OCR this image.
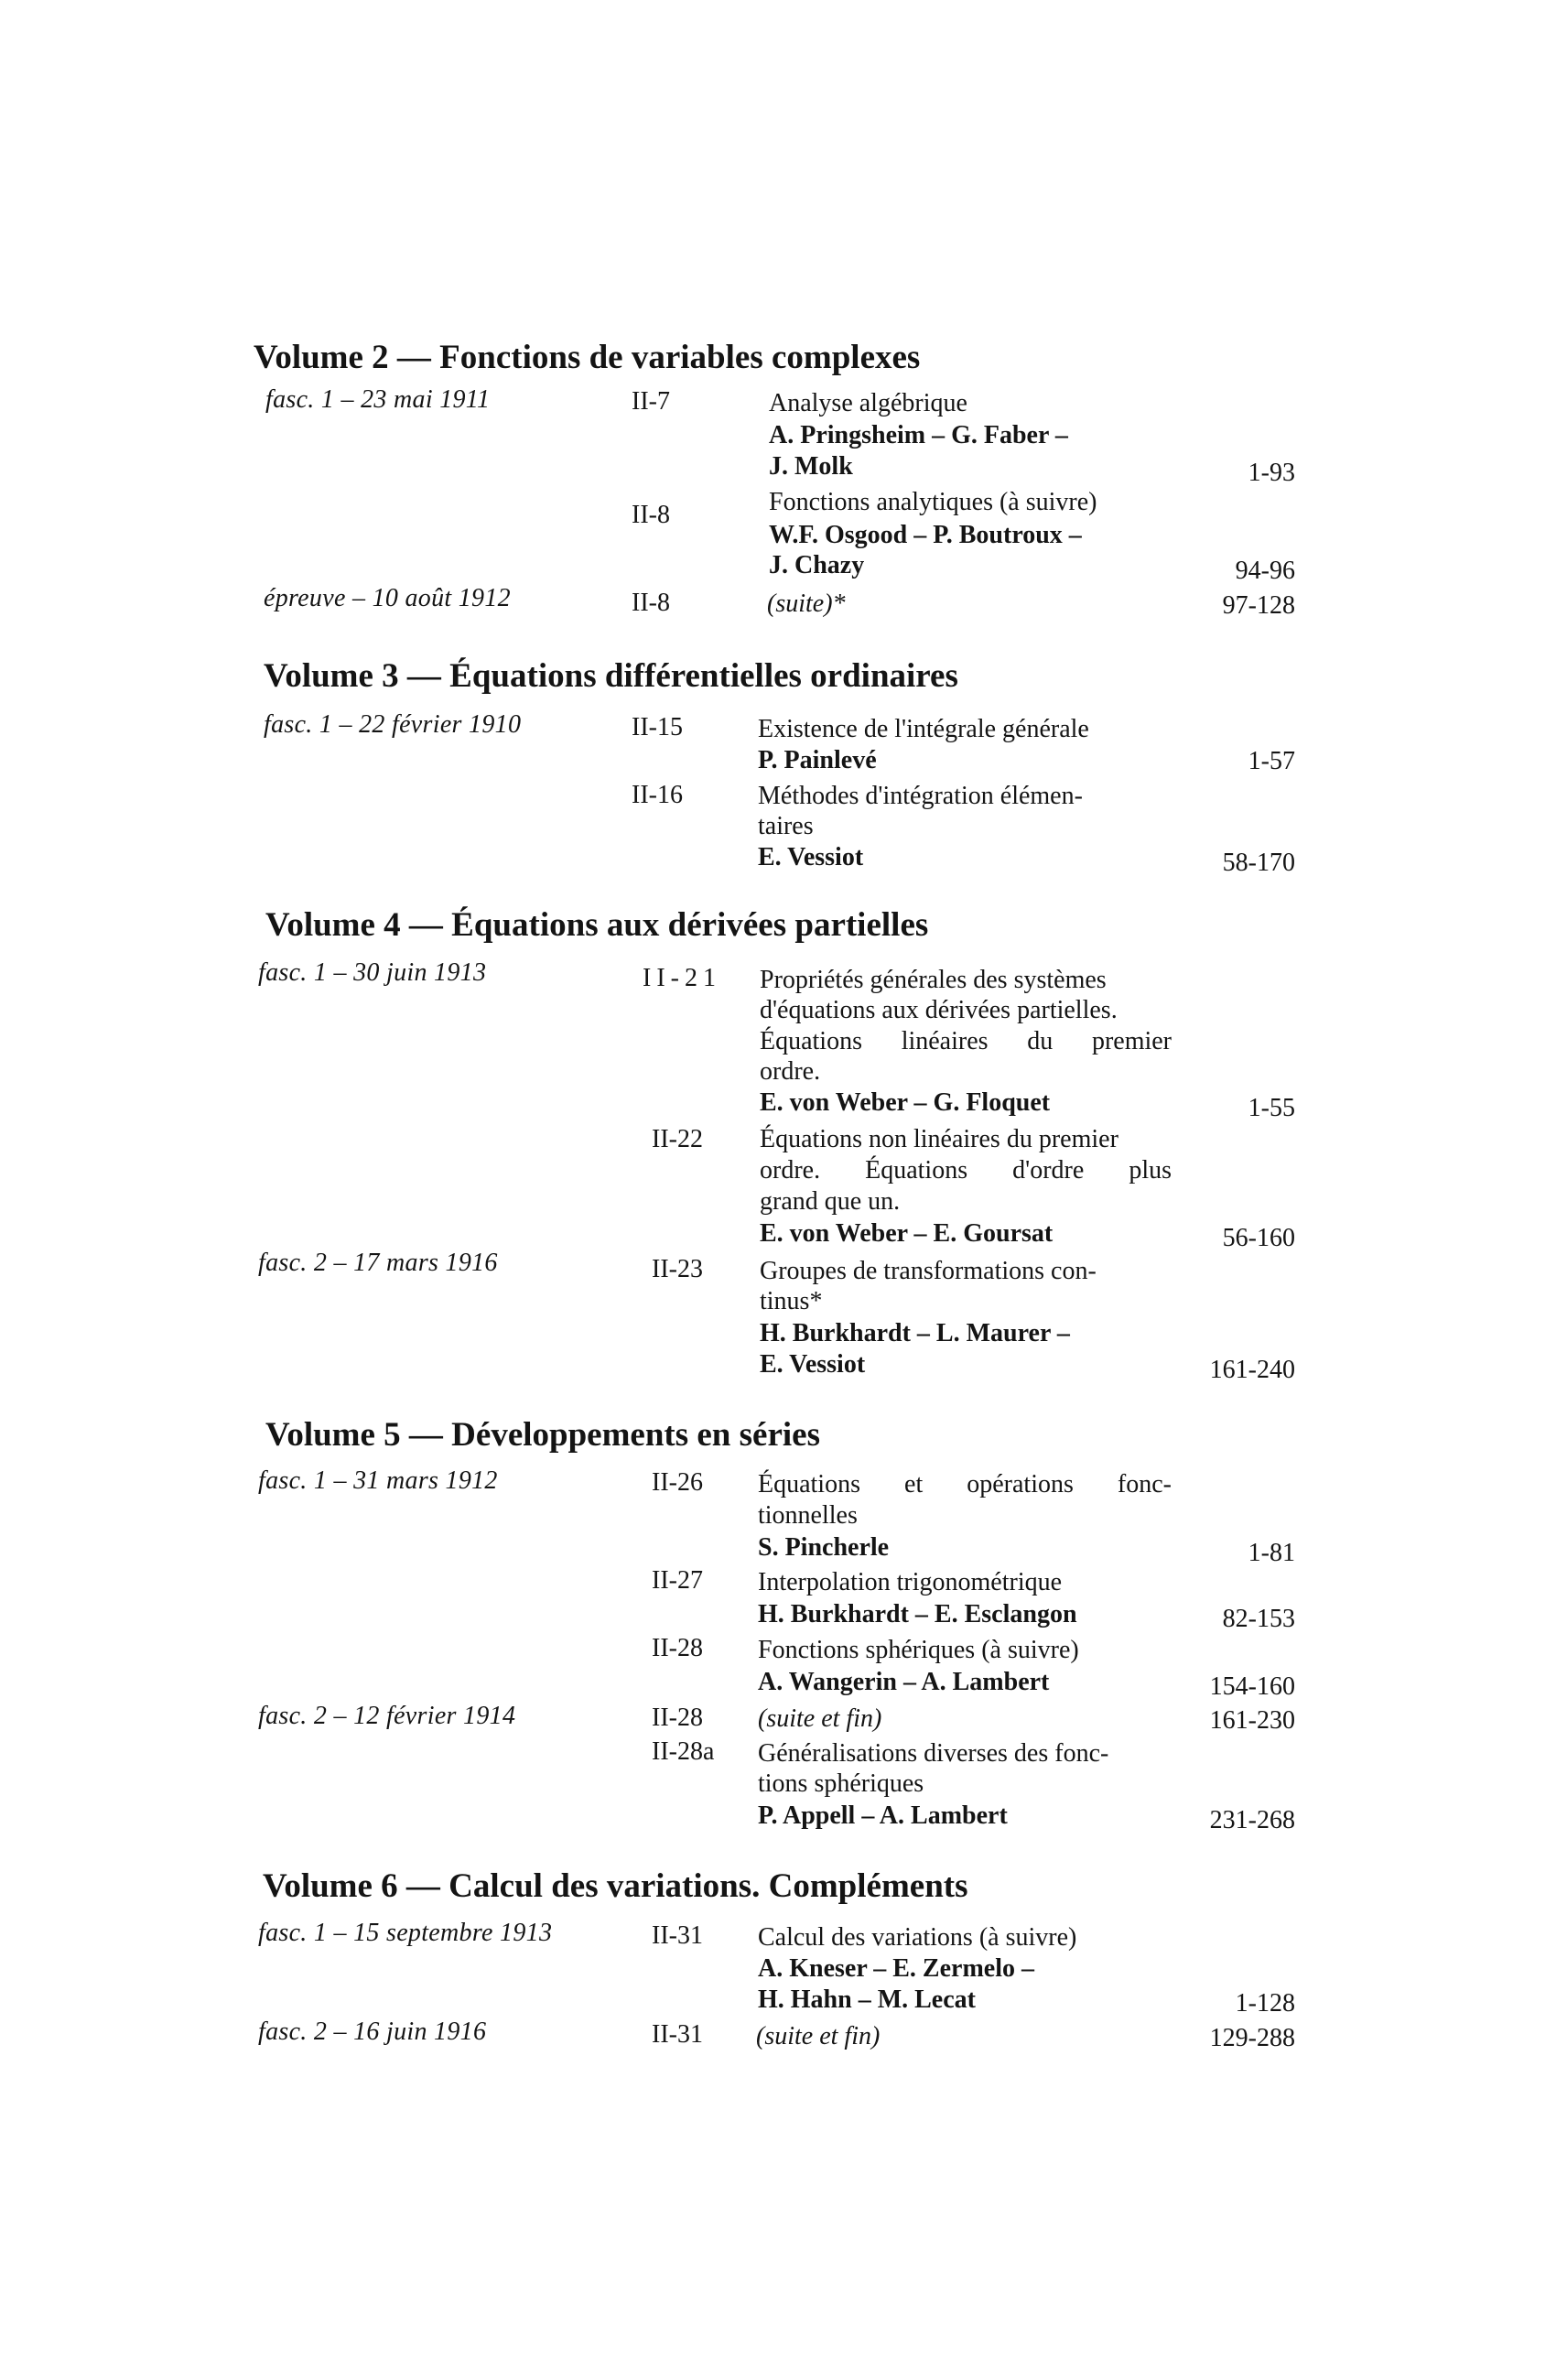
Volume 2 — Fonctions de variables complexes
fasc. 1 – 23 mai 1911
épreuve – 10 août 1912
II-7
II-8
II-8
Analyse algébrique
A. Pringsheim – G. Faber –
J. Molk
Fonctions analytiques (à suivre)
W.F. Osgood – P. Boutroux –
J. Chazy
(suite)*
1-93
94-96
97-128
Volume 3 — Équations différentielles ordinaires
fasc. 1 – 22 février 1910	II-15
II-16
Existence de l'intégrale générale
P. Painlevé
Méthodes d'intégration élémen-
taires
E. Vessiot
1-57
58-170
Volume 4 — Équations aux dérivées partielles
fasc. 1 – 30 juin 1913
fasc. 2 – 17 mars 1916
II-21
II-22
II-23
Propriétés générales des systèmes
d'équations aux dérivées partielles.
Équations linéaires du premier
ordre.
E. von Weber – G. Floquet
Équations non linéaires du premier
ordre. Équations d'ordre plus
grand que un.
E. von Weber – E. Goursat
Groupes de transformations con-
tinus*
H. Burkhardt – L. Maurer –
E. Vessiot
1-55
56-160
161-240
Volume 5 — Développements en séries
fasc. 1 – 31 mars 1912
fasc. 2 – 12 février 1914
II-26
II-27
II-28
II-28
II-28a
Équations et opérations fonc-
tionnelles
S. Pincherle
Interpolation trigonométrique
H. Burkhardt – E. Esclangon
Fonctions sphériques (à suivre)
A. Wangerin – A. Lambert
(suite et fin)
Généralisations diverses des fonc-
tions sphériques
P. Appell – A. Lambert
1-81
82-153
154-160
161-230
231-268
Volume 6 — Calcul des variations. Compléments
fasc. 1 – 15 septembre 1913
fasc. 2 – 16 juin 1916
II-31
II-31
Calcul des variations (à suivre)
A. Kneser – E. Zermelo –
H. Hahn – M. Lecat
(suite et fin)
1-128
129-288
